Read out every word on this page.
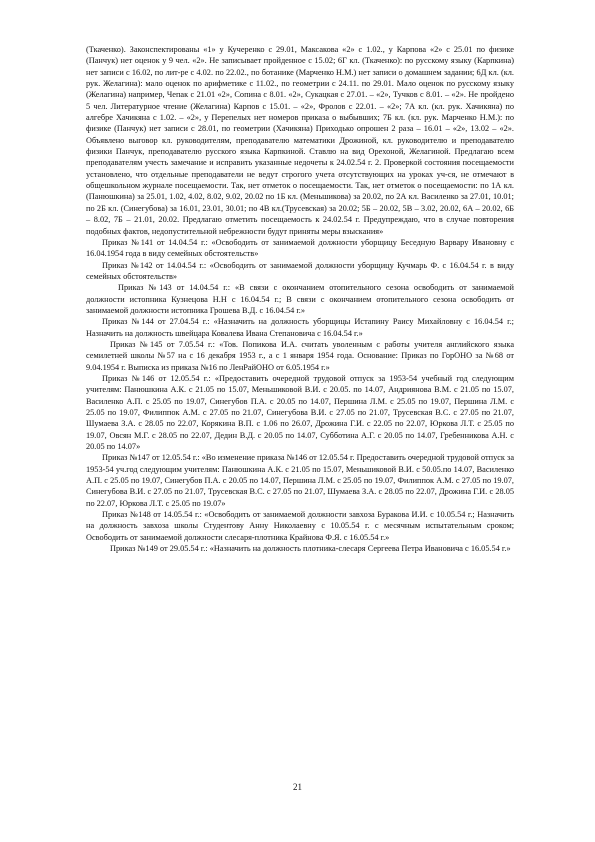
(Ткаченко). Законспектированы «1» у Кучеренко с 29.01, Максакова «2» с 1.02., у Карпова «2» с 25.01 по физике (Панчук) нет оценок у 9 чел. «2». Не записывает пройденное с 15.02; 6Г кл. (Ткаченко): по русскому языку (Карпкина) нет записи с 16.02, по лит-ре с 4.02. по 22.02., по ботанике (Марченко Н.М.) нет записи о домашнем задании; 6Д кл. (кл. рук. Желагина): мало оценок по арифметике с 11.02., по геометрии с 24.11. по 29.01. Мало оценок по русскому языку (Желагина) например, Чепак с 21.01 «2», Сопина с 8.01. «2», Сукацкая с 27.01. – «2», Тучков с 8.01. – «2». Не пройдено 5 чел. Литературное чтение (Желагина) Карпов с 15.01. – «2», Фролов с 22.01. – «2»; 7А кл. (кл. рук. Хачикяна) по алгебре Хачикяна с 1.02. – «2», у Перепелых нет номеров приказа о выбывших; 7Б кл. (кл. рук. Марченко Н.М.): по физике (Панчук) нет записи с 28.01, по геометрии (Хачикяна) Приходько опрошен 2 раза – 16.01 – «2», 13.02 – «2». Объявлено выговор кл. руководителям, преподавателю математики Дрожиной, кл. руководителю и преподавателю физики Панчук, преподавателю русского языка Карпкиной. Ставлю на вид Орехоной, Желагиной. Предлагаю всем преподавателям учесть замечание и исправить указанные недочеты к 24.02.54 г. 2. Проверкой состояния посещаемости установлено, что отдельные преподаватели не ведут строгого учета отсутствующих на уроках уч-ся, не отмечают в общешкольном журнале посещаемости. Так, нет отметок о посещаемости. Так, нет отметок о посещаемости: по 1А кл. (Панюшкина) за 25.01, 1.02, 4.02, 8.02, 9.02, 20.02 по 1Б кл. (Меньшикова) за 20.02, по 2А кл. Василенко за 27.01, 10.01; по 2Б кл. (Синегубова) за 16.01, 23.01, 30.01; по 4В кл.(Трусевская) за 20.02; 5Б – 20.02, 5В – 3.02, 20.02, 6А – 20.02, 6Б – 8.02, 7Б – 21.01, 20.02. Предлагаю отметить посещаемость к 24.02.54 г. Предупреждаю, что в случае повторения подобных фактов, недопустительной небрежности будут приняты меры взыскания»

Приказ №141 от 14.04.54 г.: «Освободить от занимаемой должности уборщицу Беседную Варвару Ивановну с 16.04.1954 года в виду семейных обстоятельств»

Приказ №142 от 14.04.54 г.: «Освободить от занимаемой должности уборщицу Кучмарь Ф. с 16.04.54 г. в виду семейных обстоятельств»

Приказ №143 от 14.04.54 г.: «В связи с окончанием отопительного сезона освободить от занимаемой должности истопника Кузнецова Н.Н с 16.04.54 г.; В связи с окончанием отопительного сезона освободить от занимаемой должности истопника Грошева В.Д. с 16.04.54 г.»

Приказ №144 от 27.04.54 г.: «Назначить на должность уборщицы Истапину Раису Михайловну с 16.04.54 г.; Назначить на должность швейцара Ковалева Ивана Степановича с 16.04.54 г.»

Приказ №145 от 7.05.54 г.: «Тов. Попикова И.А. считать уволенным с работы учителя английского языка семилетней школы №57 на с 16 декабря 1953 г., а с 1 января 1954 года. Основание: Приказ по ГорОНО за №68 от 9.04.1954 г. Выписка из приказа №16 по ЛенРайОНО от 6.05.1954 г.»

Приказ №146 от 12.05.54 г.: «Предоставить очередной трудовой отпуск за 1953-54 учебный год следующим учителям: Панюшкина А.К. с 21.05 по 15.07, Меньшиковой В.И. с 20.05. по 14.07, Андриянова В.М. с 21.05 по 15.07, Василенко А.П. с 25.05 по 19.07, Синегубов П.А. с 20.05 по 14.07, Першина Л.М. с 25.05 по 19.07, Першина Л.М. с 25.05 по 19.07, Филиппок А.М. с 27.05 по 21.07, Синегубова В.И. с 27.05 по 21.07, Трусевская В.С. с 27.05 по 21.07, Шумаева З.А. с 28.05 по 22.07, Корякина В.П. с 1.06 по 26.07, Дрожина Г.И. с 22.05 по 22.07, Юркова Л.Т. с 25.05 по 19.07, Овсян М.Г. с 28.05 по 22.07, Дедин В.Д. с 20.05 по 14.07, Субботина А.Г. с 20.05 по 14.07, Гребенникова А.Н. с 20.05 по 14.07»

Приказ №147 от 12.05.54 г.: «Во изменение приказа №146 от 12.05.54 г. Предоставить очередной трудовой отпуск за 1953-54 уч.год следующим учителям: Панюшкина А.К. с 21.05 по 15.07, Меньшиковой В.И. с 50.05.по 14.07, Василенко А.П. с 25.05 по 19.07, Синегубов П.А. с 20.05 по 14.07, Першина Л.М. с 25.05 по 19.07, Филиппок А.М. с 27.05 по 19.07, Синегубова В.И. с 27.05 по 21.07, Трусевская В.С. с 27.05 по 21.07, Шумаева З.А. с 28.05 по 22.07, Дрожина Г.И. с 28.05 по 22.07, Юркова Л.Т. с 25.05 по 19.07»

Приказ №148 от 14.05.54 г.: «Освободить от занимаемой должности завхоза Буракова И.И. с 10.05.54 г.; Назначить на должность завхоза школы Студентову Анну Николаевну с 10.05.54 г. с месячным испытательным сроком; Освободить от занимаемой должности слесаря-плотника Крайнова Ф.Я. с 16.05.54 г.»

Приказ №149 от 29.05.54 г.: «Назначить на должность плотника-слесаря Сергеева Петра Ивановича с 16.05.54 г.»

21
